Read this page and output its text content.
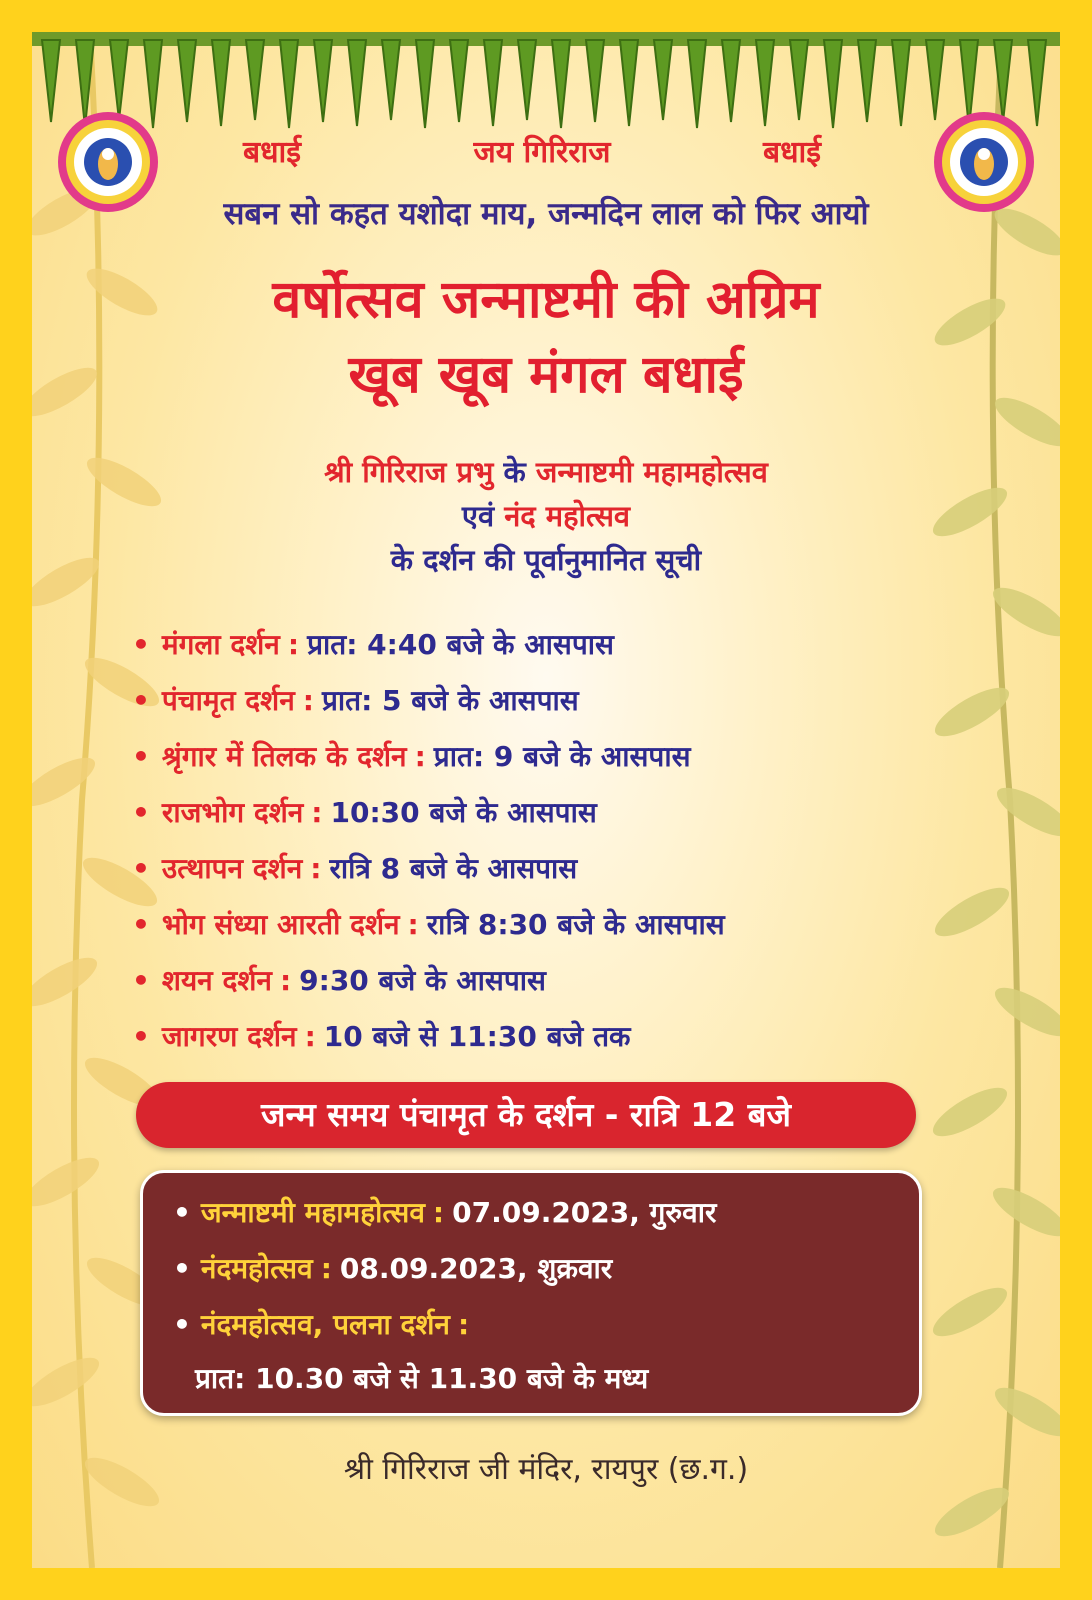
बधाई	जय गिरिराज	बधाई
सबन सो कहत यशोदा माय, जन्मदिन लाल को फिर आयो
वर्षोत्सव जन्माष्टमी की अग्रिम
खूब खूब मंगल बधाई
श्री गिरिराज प्रभु के जन्माष्टमी महामहोत्सव
एवं नंद महोत्सव
के दर्शन की पूर्वानुमानित सूची
• मंगला दर्शन : प्रात: 4:40 बजे के आसपास
• पंचामृत दर्शन : प्रात: 5 बजे के आसपास
• श्रृंगार में तिलक के दर्शन : प्रात: 9 बजे के आसपास
• राजभोग दर्शन : 10:30 बजे के आसपास
• उत्थापन दर्शन : रात्रि 8 बजे के आसपास
• भोग संध्या आरती दर्शन : रात्रि 8:30 बजे के आसपास
• शयन दर्शन : 9:30 बजे के आसपास
• जागरण दर्शन : 10 बजे से 11:30 बजे तक
जन्म समय पंचामृत के दर्शन - रात्रि 12 बजे
• जन्माष्टमी महामहोत्सव : 07.09.2023, गुरुवार
• नंदमहोत्सव : 08.09.2023, शुक्रवार
• नंदमहोत्सव, पलना दर्शन :
प्रात: 10.30 बजे से 11.30 बजे के मध्य
श्री गिरिराज जी मंदिर, रायपुर (छ.ग.)
